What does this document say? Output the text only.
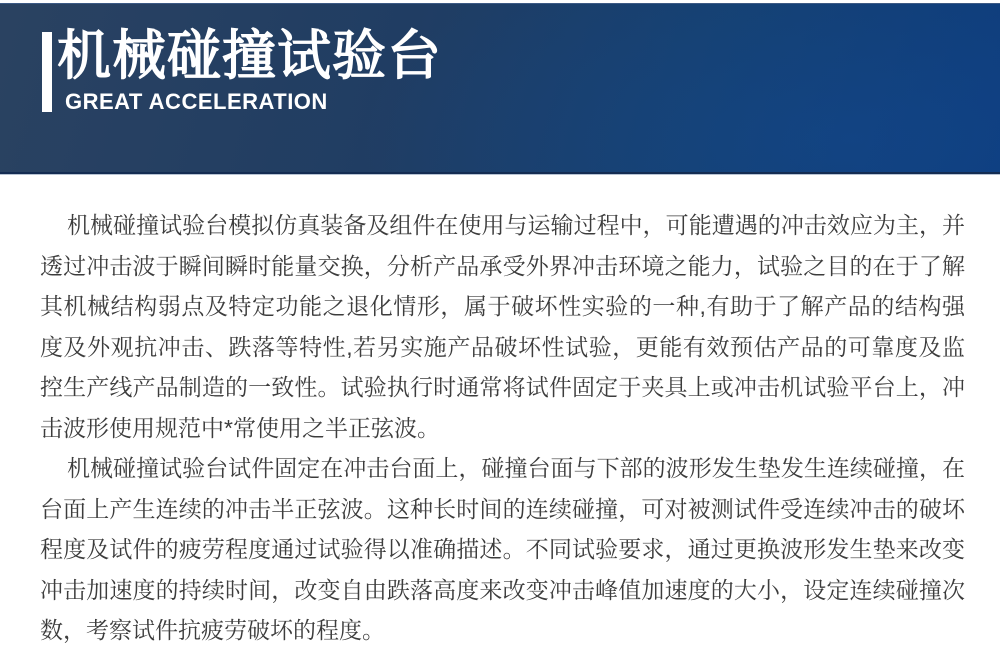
机械碰撞试验台
GREAT ACCELERATION

机械碰撞试验台模拟仿真装备及组件在使用与运输过程中，可能遭遇的冲击效应为主，并透过冲击波于瞬间瞬时能量交换，分析产品承受外界冲击环境之能力，试验之目的在于了解其机械结构弱点及特定功能之退化情形，属于破坏性实验的一种,有助于了解产品的结构强度及外观抗冲击、跌落等特性,若另实施产品破坏性试验，更能有效预估产品的可靠度及监控生产线产品制造的一致性。试验执行时通常将试件固定于夹具上或冲击机试验平台上，冲击波形使用规范中*常使用之半正弦波。

机械碰撞试验台试件固定在冲击台面上，碰撞台面与下部的波形发生垫发生连续碰撞，在台面上产生连续的冲击半正弦波。这种长时间的连续碰撞，可对被测试件受连续冲击的破坏程度及试件的疲劳程度通过试验得以准确描述。不同试验要求，通过更换波形发生垫来改变冲击加速度的持续时间，改变自由跌落高度来改变冲击峰值加速度的大小，设定连续碰撞次数，考察试件抗疲劳破坏的程度。
